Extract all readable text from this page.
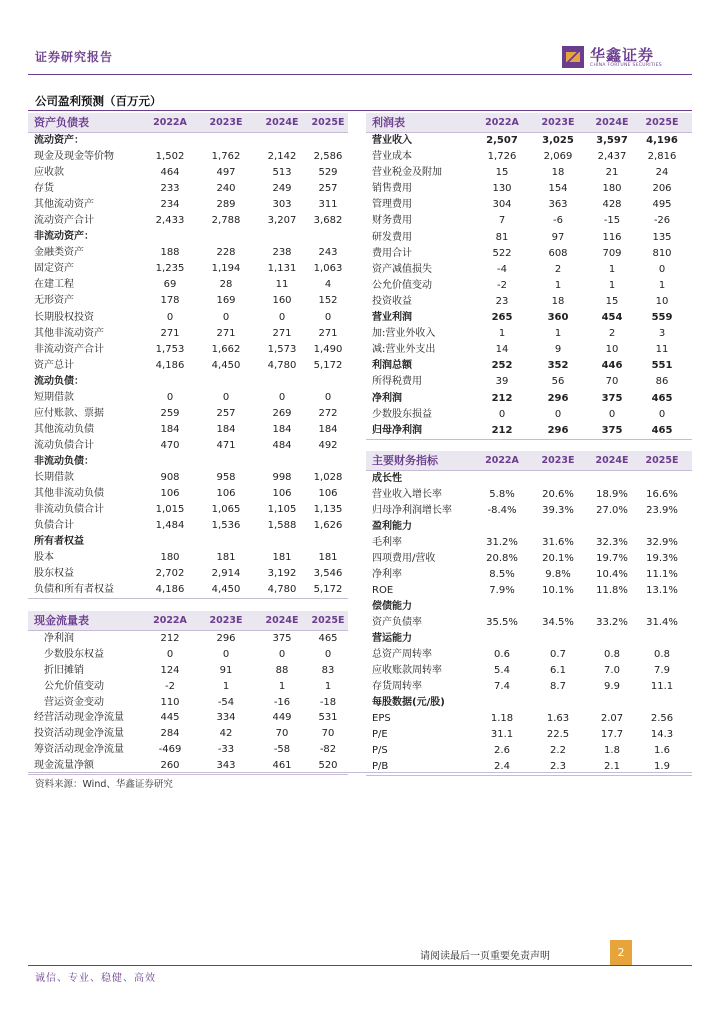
证券研究报告	华鑫证券
CHINA FORTUNE SECURITIES
公司盈利预测（百万元）
资产负债表	2022A	2023E	2024E	2025E
流动资产：
现金及现金等价物	1,502	1,762	2,142	2,586
应收款	464	497	513	529
存货	233	240	249	257
其他流动资产	234	289	303	311
流动资产合计	2,433	2,788	3,207	3,682
非流动资产：
金融类资产	188	228	238	243
固定资产	1,235	1,194	1,131	1,063
在建工程	69	28	11	4
无形资产	178	169	160	152
长期股权投资	0	0	0	0
其他非流动资产	271	271	271	271
非流动资产合计	1,753	1,662	1,573	1,490
资产总计	4,186	4,450	4,780	5,172
流动负债：
短期借款	0	0	0	0
应付账款、票据	259	257	269	272
其他流动负债	184	184	184	184
流动负债合计	470	471	484	492
非流动负债：
长期借款	908	958	998	1,028
其他非流动负债	106	106	106	106
非流动负债合计	1,015	1,065	1,105	1,135
负债合计	1,484	1,536	1,588	1,626
所有者权益
股本	180	181	181	181
股东权益	2,702	2,914	3,192	3,546
负债和所有者权益	4,186	4,450	4,780	5,172
利润表	2022A	2023E	2024E	2025E
营业收入	2,507	3,025	3,597	4,196
营业成本	1,726	2,069	2,437	2,816
营业税金及附加	15	18	21	24
销售费用	130	154	180	206
管理费用	304	363	428	495
财务费用	7	-6	-15	-26
研发费用	81	97	116	135
费用合计	522	608	709	810
资产减值损失	-4	2	1	0
公允价值变动	-2	1	1	1
投资收益	23	18	15	10
营业利润	265	360	454	559
加:营业外收入	1	1	2	3
减:营业外支出	14	9	10	11
利润总额	252	352	446	551
所得税费用	39	56	70	86
净利润	212	296	375	465
少数股东损益	0	0	0	0
归母净利润	212	296	375	465
主要财务指标	2022A	2023E	2024E	2025E
成长性
营业收入增长率	5.8%	20.6%	18.9%	16.6%
归母净利润增长率	-8.4%	39.3%	27.0%	23.9%
盈利能力
毛利率	31.2%	31.6%	32.3%	32.9%
四项费用/营收	20.8%	20.1%	19.7%	19.3%
净利率	8.5%	9.8%	10.4%	11.1%
ROE	7.9%	10.1%	11.8%	13.1%
偿债能力
资产负债率	35.5%	34.5%	33.2%	31.4%
营运能力
总资产周转率	0.6	0.7	0.8	0.8
应收账款周转率	5.4	6.1	7.0	7.9
存货周转率	7.4	8.7	9.9	11.1
每股数据(元/股)
EPS	1.18	1.63	2.07	2.56
P/E	31.1	22.5	17.7	14.3
P/S	2.6	2.2	1.8	1.6
P/B	2.4	2.3	2.1	1.9
现金流量表	2022A	2023E	2024E	2025E
净利润	212	296	375	465
少数股东权益	0	0	0	0
折旧摊销	124	91	88	83
公允价值变动	-2	1	1	1
营运资金变动	110	-54	-16	-18
经营活动现金净流量	445	334	449	531
投资活动现金净流量	284	42	70	70
筹资活动现金净流量	-469	-33	-58	-82
现金流量净额	260	343	461	520
资料来源：Wind、华鑫证券研究
请阅读最后一页重要免责声明	2
诚信、专业、稳健、高效
